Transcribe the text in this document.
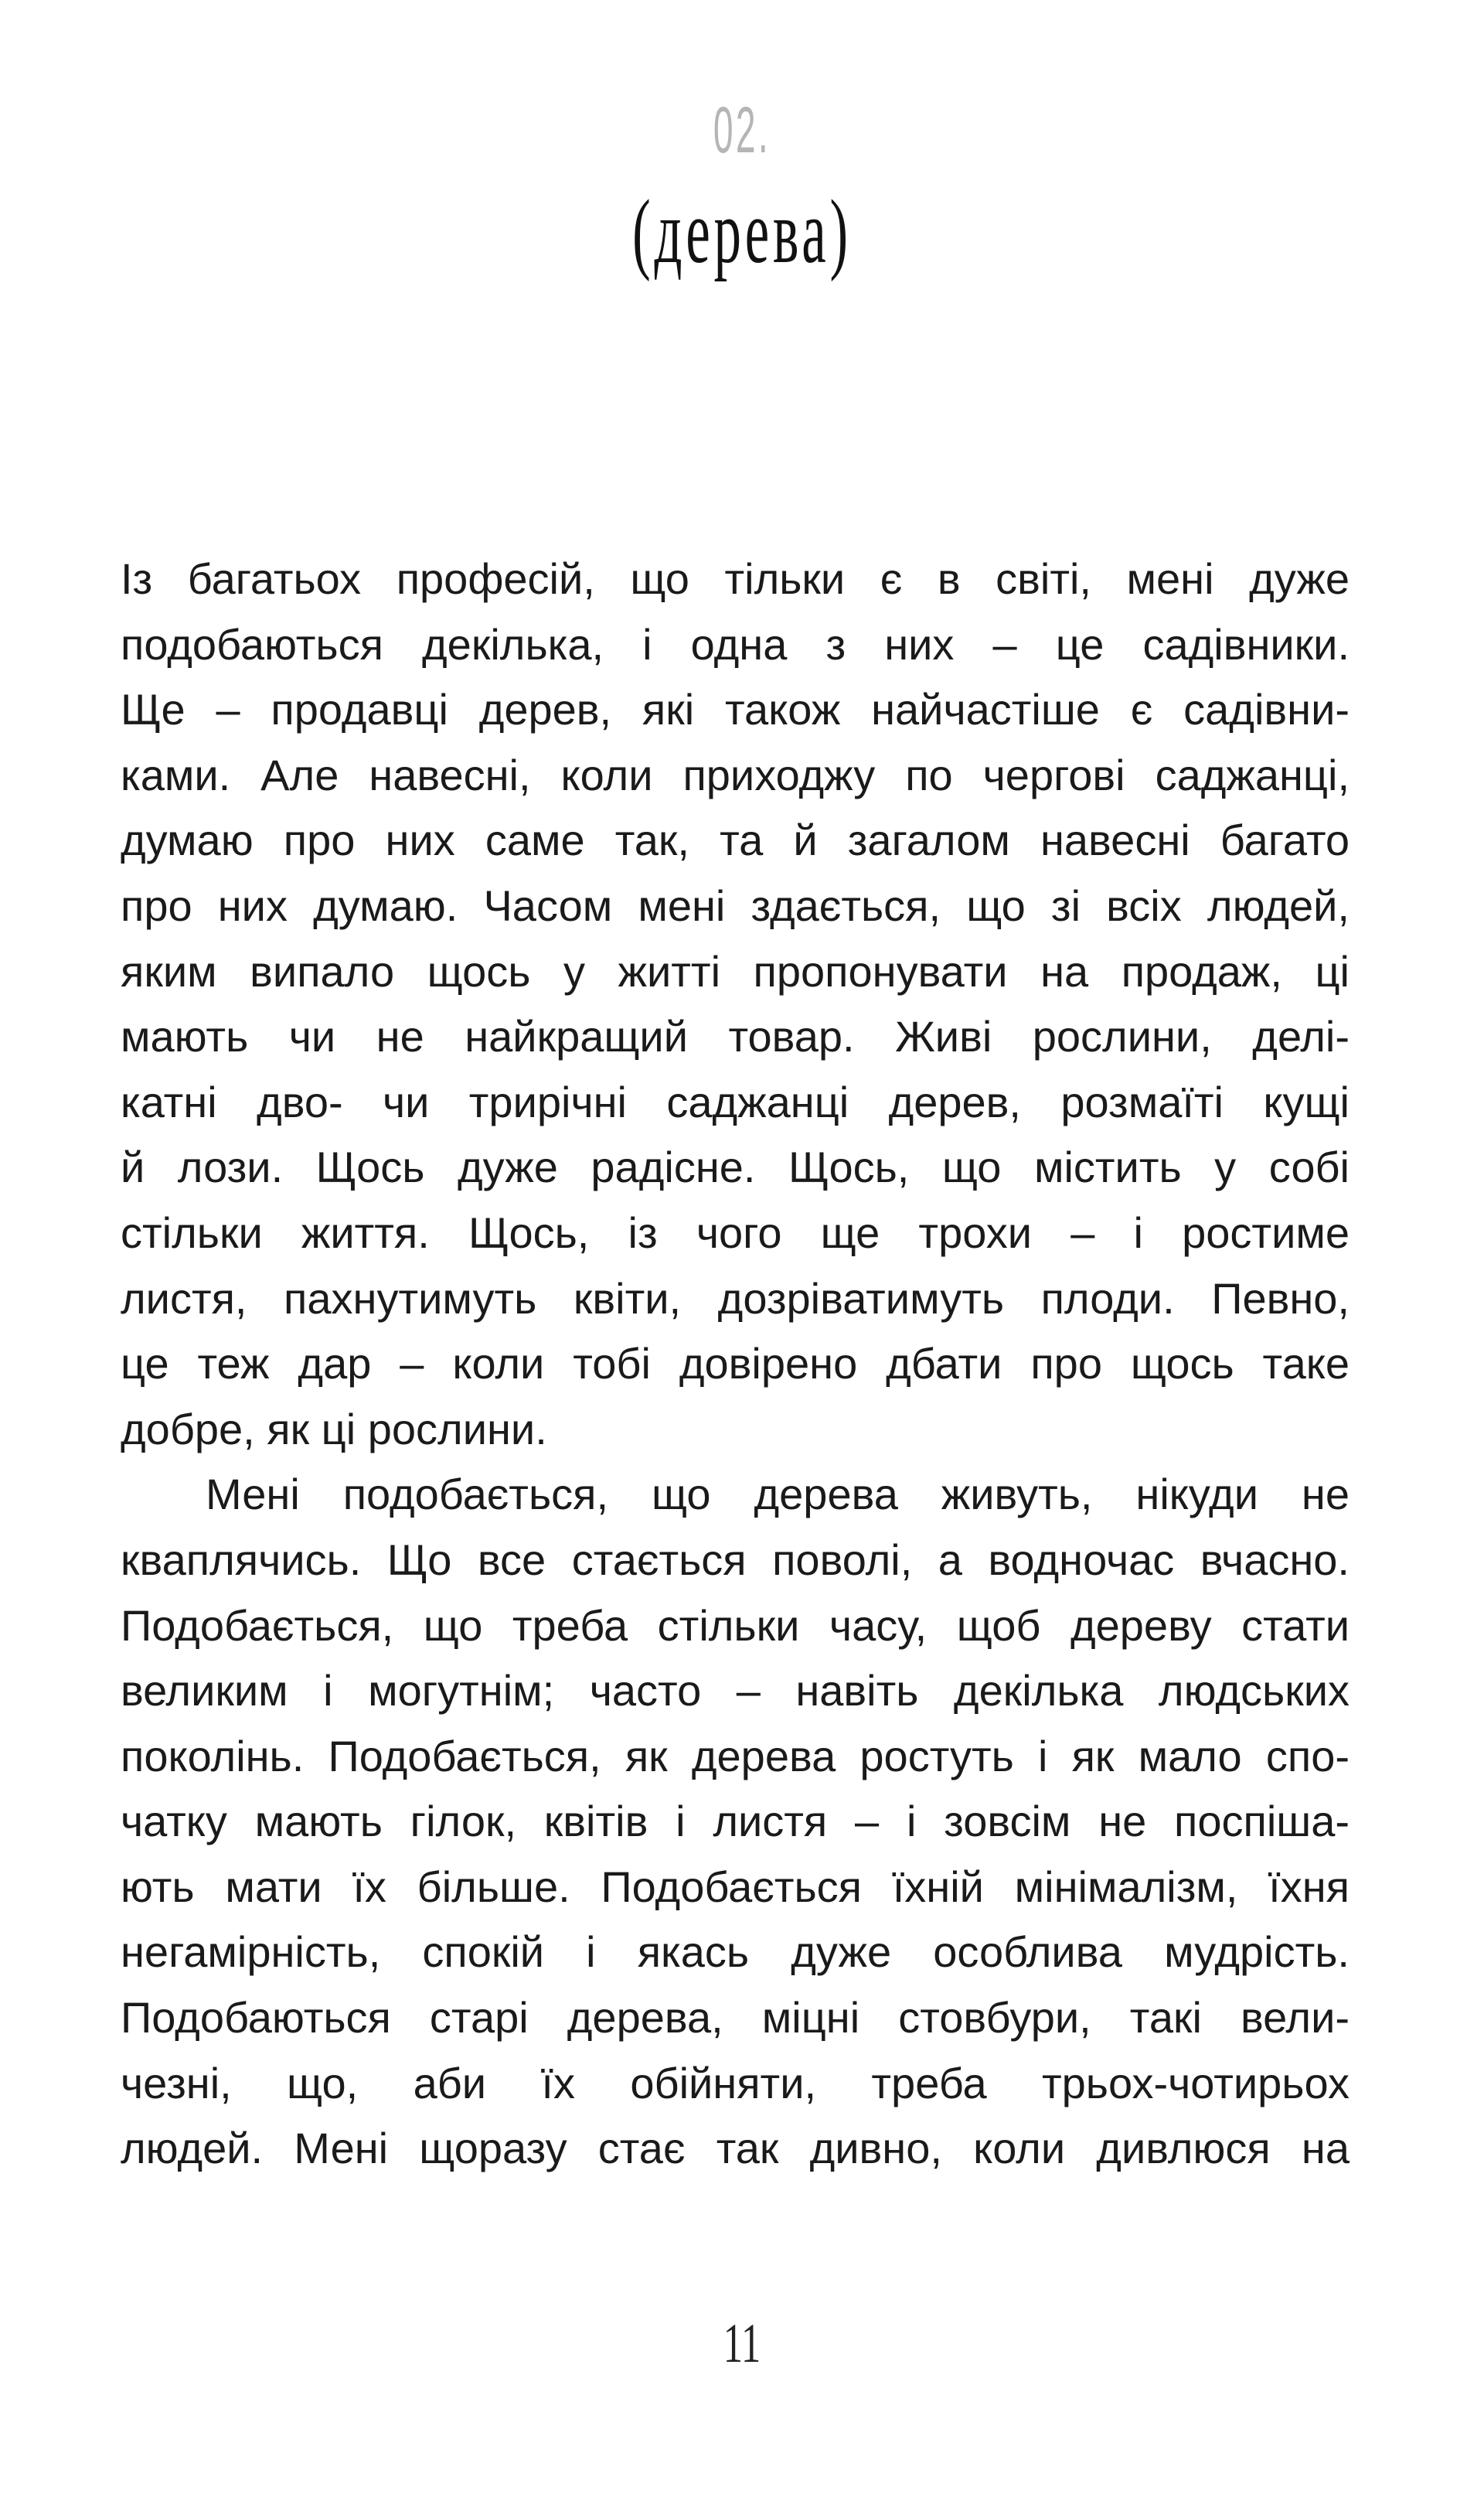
02.
(дерева)
Із багатьох професій, що тільки є в світі, мені дуже
подобаються декілька, і одна з них – це садівники.
Ще – продавці дерев, які також найчастіше є садівни-
ками. Але навесні, коли приходжу по чергові саджанці,
думаю про них саме так, та й загалом навесні багато
про них думаю. Часом мені здається, що зі всіх людей,
яким випало щось у житті пропонувати на продаж, ці
мають чи не найкращий товар. Живі рослини, делі-
катні дво- чи трирічні саджанці дерев, розмаїті кущі
й лози. Щось дуже радісне. Щось, що містить у собі
стільки життя. Щось, із чого ще трохи – і ростиме
листя, пахнутимуть квіти, дозріватимуть плоди. Певно,
це теж дар – коли тобі довірено дбати про щось таке
добре, як ці рослини.
Мені подобається, що дерева живуть, нікуди не
кваплячись. Що все стається поволі, а водночас вчасно.
Подобається, що треба стільки часу, щоб дереву стати
великим і могутнім; часто – навіть декілька людських
поколінь. Подобається, як дерева ростуть і як мало спо-
чатку мають гілок, квітів і листя – і зовсім не поспіша-
ють мати їх більше. Подобається їхній мінімалізм, їхня
негамірність, спокій і якась дуже особлива мудрість.
Подобаються старі дерева, міцні стовбури, такі вели-
чезні, що, аби їх обійняти, треба трьох-чотирьох
людей. Мені щоразу стає так дивно, коли дивлюся на
11
